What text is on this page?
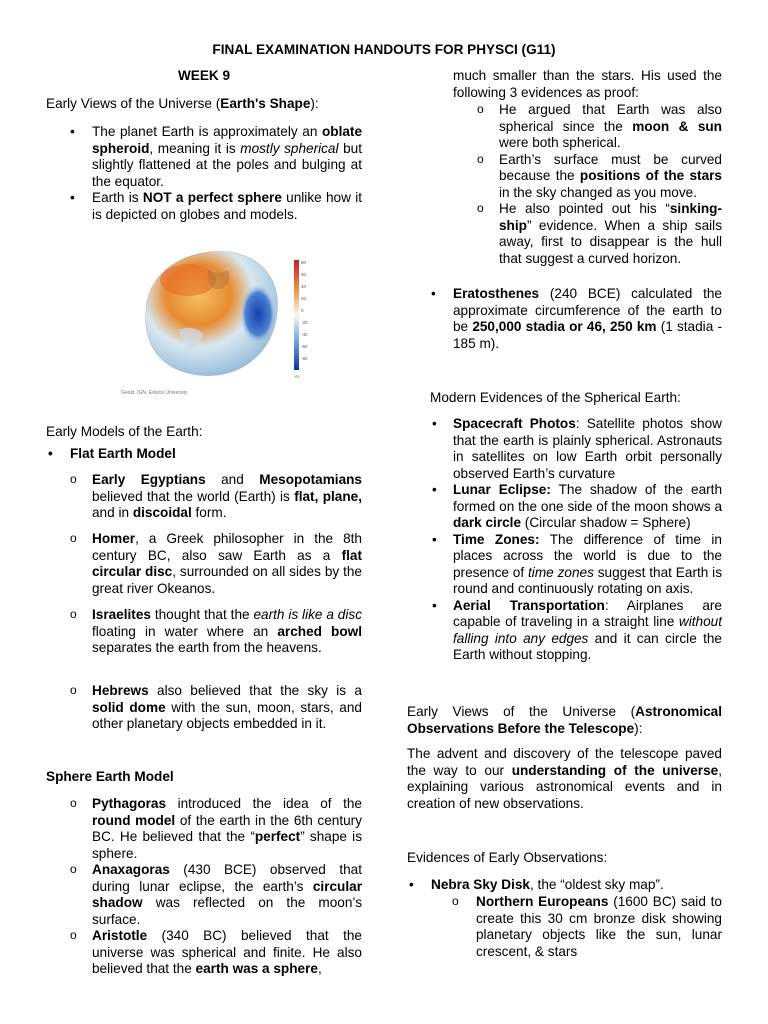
FINAL EXAMINATION HANDOUTS FOR PHYSCI (G11)
WEEK 9
Early Views of the Universe (Earth's Shape):
• The planet Earth is approximately an oblate spheroid, meaning it is mostly spherical but slightly flattened at the poles and bulging at the equator.
• Earth is NOT a perfect sphere unlike how it is depicted on globes and models.
Early Models of the Earth:
• Flat Earth Model
o Early Egyptians and Mesopotamians believed that the world (Earth) is flat, plane, and in discoidal form.
o Homer, a Greek philosopher in the 8th century BC, also saw Earth as a flat circular disc, surrounded on all sides by the great river Okeanos.
o Israelites thought that the earth is like a disc floating in water where an arched bowl separates the earth from the heavens.
o Hebrews also believed that the sky is a solid dome with the sun, moon, stars, and other planetary objects embedded in it.
Sphere Earth Model
o Pythagoras introduced the idea of the round model of the earth in the 6th century BC. He believed that the “perfect” shape is sphere.
o Anaxagoras (430 BCE) observed that during lunar eclipse, the earth’s circular shadow was reflected on the moon’s surface.
o Aristotle (340 BC) believed that the universe was spherical and finite. He also believed that the earth was a sphere,
80
60
40
20
0
-20
-40
-60
-80
m
Geoid, IGN, Eötvös University
much smaller than the stars. His used the following 3 evidences as proof:
o He argued that Earth was also spherical since the moon & sun were both spherical.
o Earth’s surface must be curved because the positions of the stars in the sky changed as you move.
o He also pointed out his “sinking-ship” evidence. When a ship sails away, first to disappear is the hull that suggest a curved horizon.
• Eratosthenes (240 BCE) calculated the approximate circumference of the earth to be 250,000 stadia or 46, 250 km (1 stadia - 185 m).
Modern Evidences of the Spherical Earth:
• Spacecraft Photos: Satellite photos show that the earth is plainly spherical. Astronauts in satellites on low Earth orbit personally observed Earth’s curvature
• Lunar Eclipse: The shadow of the earth formed on the one side of the moon shows a dark circle (Circular shadow = Sphere)
• Time Zones: The difference of time in places across the world is due to the presence of time zones suggest that Earth is round and continuously rotating on axis.
• Aerial Transportation: Airplanes are capable of traveling in a straight line without falling into any edges and it can circle the Earth without stopping.
Early Views of the Universe (Astronomical Observations Before the Telescope):
The advent and discovery of the telescope paved the way to our understanding of the universe, explaining various astronomical events and in creation of new observations.
Evidences of Early Observations:
• Nebra Sky Disk, the “oldest sky map”.
o Northern Europeans (1600 BC) said to create this 30 cm bronze disk showing planetary objects like the sun, lunar crescent, & stars
